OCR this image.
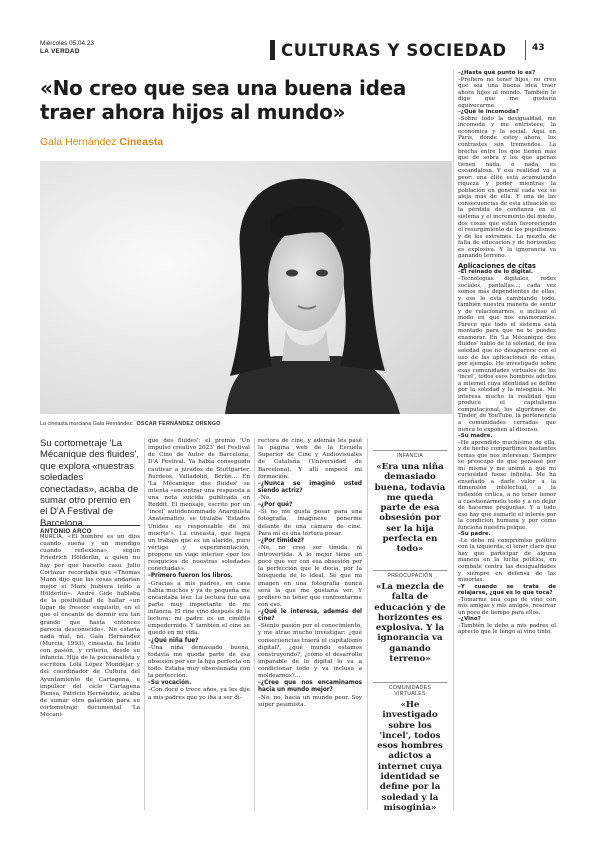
Miércoles 05.04.23
LA VERDAD	CULTURAS Y SOCIEDAD	43
«No creo que sea una buena idea traer ahora hijos al mundo»
Gala Hernández Cineasta
La cineasta murciana Gala Hernández. OSCAR FERNÁNDEZ ORENGO
Su cortometraje 'La Mécanique des fluides', que explora «nuestras soledades conectadas», acaba de sumar otro premio en el D'A Festival de Barcelona
ANTONIO ARCO

MURCIA. «El hombre es un dios cuando sueña y un mendigo cuando reflexiona», según Friedrich Hölderlin, a quien no hay por qué hacerle caso. Julio Cortázar recordaba que «Thomas Mann dijo que las cosas andarían mejor si Marx hubiera leído a Hölderlin». André Gide hablaba de la posibilidad de hallar «un lugar de frescor exquisito, en el que el encanto de dormir era tan grande que hasta entonces parecía desconocido». No estaría nada mal, no. Gala Hernández (Murcia, 1993), cineasta, ha leído con pasión, y criterio, desde su infancia. Hija de la psicoanalista y escritora Lola López Mondéjar y del coordinador de Cultura del Ayuntamiento de Cartagena, e impulsor del ciclo Cartagena Piensa, Patricio Hernández, acaba de sumar otro galardón para su cortometraje documental 'La Mécani-

que des fluides': el premio 'Un impulso creativo 2023' del Festival de Cine de Autor de Barcelona, D'A Festival. Ya había conseguido cautivar a jurados de Stuttgarter, Burdeos, Valladolid, Berlín... En 'La Mécanique des fluides' se intenta «encontrar una respuesta a una nota suicida publicada en Reddit. El mensaje, escrito por un 'incel' autodenominado Anarquista Anatemático, se titulaba 'Estados Unidos es responsable de mi muerte'». La cineasta, que logra un trabajo que es un alarido, puro vértigo y experimentación, propone un viaje interior «por los resquicios de nuestras soledades conectadas».

–Primero fueron los libros.

–Gracias a mis padres, en casa había muchos y ya de pequeña me encantaba leer. La lectura fue una parte muy importante de mi infancia. El cine vino después de la lectura; mi padre es un cinéfilo empedernido. Y también el cine se quedó en mi vida.

–¿Qué niña fue?

–Una niña demasiado buena, todavía me queda parte de esa obsesión por ser la hija perfecta en todo. Estaba muy obsesionada con la perfección.

–Su vocación.

–Con doce o trece años, ya les dije a mis padres que yo iba a ser di-

rectora de cine, y además les pasé la página web de la Escuela Superior de Cine y Audiovisuales de Cataluña (Universidad de Barcelona). Y allí empecé mi formación.

–¿Nunca se imaginó usted siendo actriz?

–No.

–¿Por qué?

–Si no me gusta posar para una fotografía, imagínese ponerme delante de una cámara de cine. Para mí es una tortura posar.

–¿Por timidez?

–No, no creo ser tímida, ni introvertida. A lo mejor tiene un poco que ver con esa obsesión por la perfección que le decía, por la búsqueda de lo ideal. Sé que mi imagen en una fotografía nunca será la que me gustaría ver. Y prefiero no tener que confrontarme con eso.

–¿Qué le interesa, además del cine?

–Siento pasión por el conocimiento, y me atrae mucho investigar: ¿qué consecuencias traerá el capitalismo digital?, ¿qué mundo estamos construyendo?, ¿cómo el desarrollo imparable de lo digital lo va a condicionar todo y va incluso a moldearnos?...

–¿Cree que nos encaminamos hacia un mundo mejor?

–No, no, hacia un mundo peor. Soy súper pesimista.

INFANCIA
«Era una niña demasiado buena, todavía me queda parte de esa obsesión por ser la hija perfecta en todo»
PREOCUPACIÓN
«La mezcla de falta de educación y de horizontes es explosiva. Y la ignorancia va ganando terreno»
COMUNIDADES VIRTUALES
«He investigado sobre los 'incel', todos esos hombres adictos a internet cuya identidad se define por la soledad y la misoginia»

–¿Hasta qué punto lo es?

–Prefiero no tener hijos, no creo que sea una buena idea traer ahora hijos al mundo. También le digo que me gustaría equivocarme.

–¿Qué le incomoda?

–Sobre todo la desigualdad, me incomoda y me entristece; la económica y la social. Aquí en París, donde estoy ahora, los contrastes son tremendos. La brecha entre los que tienen más que de sobra y los que apenas tienen nada, o nada, es escandalosa. Y esa realidad va a peor: una élite está acumulando riqueza y poder mientras la población en general cada vez se aleja más de ella. Y una de las consecuencias de esta situación es la pérdida de confianza en el sistema y el incremento del miedo, dos cosas que están favoreciendo el resurgimiento de los populismos y de los extremos. La mezcla de falta de educación y de horizontes es explosiva. Y la ignorancia va ganando terreno.

Aplicaciones de citas

–El reinado de lo digital.

–Tecnologías digitales, redes sociales, pantallas...; cada vez somos más dependientes de ellas, y eso lo está cambiando todo, también nuestra manera de sentir y de relacionarnos, e incluso el modo en que nos enamoramos. Parece que todo el sistema está montado para que no te puedes enamorar. En 'La Mécanique des fluides' hablo de la soledad, de esa soledad que no desaparece con el uso de las aplicaciones de citas, por ejemplo. He investigado sobre esas comunidades virtuales de los 'incel', todos esos hombres adictos a internet cuya identidad se define por la soledad y la misoginia. Me interesa mucho la realidad que produce el capitalismo computacional, los algoritmos de Tinder, de YouTube, la pertenencia a comunidades cerradas que nunca te exponen al disenso.

–Su madre.

–He aprendido muchísimo de ella, y de hecho compartimos bastantes temas que nos interesan. Siempre se preocupó de que pensase por mí misma y me animó a que mi curiosidad fuese infinita. Me ha enseñado a darle valor a la dimensión intelectual, a la reflexión crítica, a no tener temor a cuestionármelo todo y a no dejar de hacerme preguntas. Y a todo eso hay que sumarle el interés por la condición humana y por cómo funciona nuestra psique.

–Su padre.

–Le debo mi compromiso político con la izquierda, el tener claro que hay que participar de alguna manera en la lucha política, en combate contra las desigualdades y siempre en defensa de las minorías.

–Y cuando se trata de relajarse, ¿qué es lo que toca?

–Tomarme una copa de vino con mis amigas y mis amigos, reservar un poco de tiempo para ellos.

–¿Vino?

–También le debo a mis padres el aprecio que le tengo al vino tinto.
